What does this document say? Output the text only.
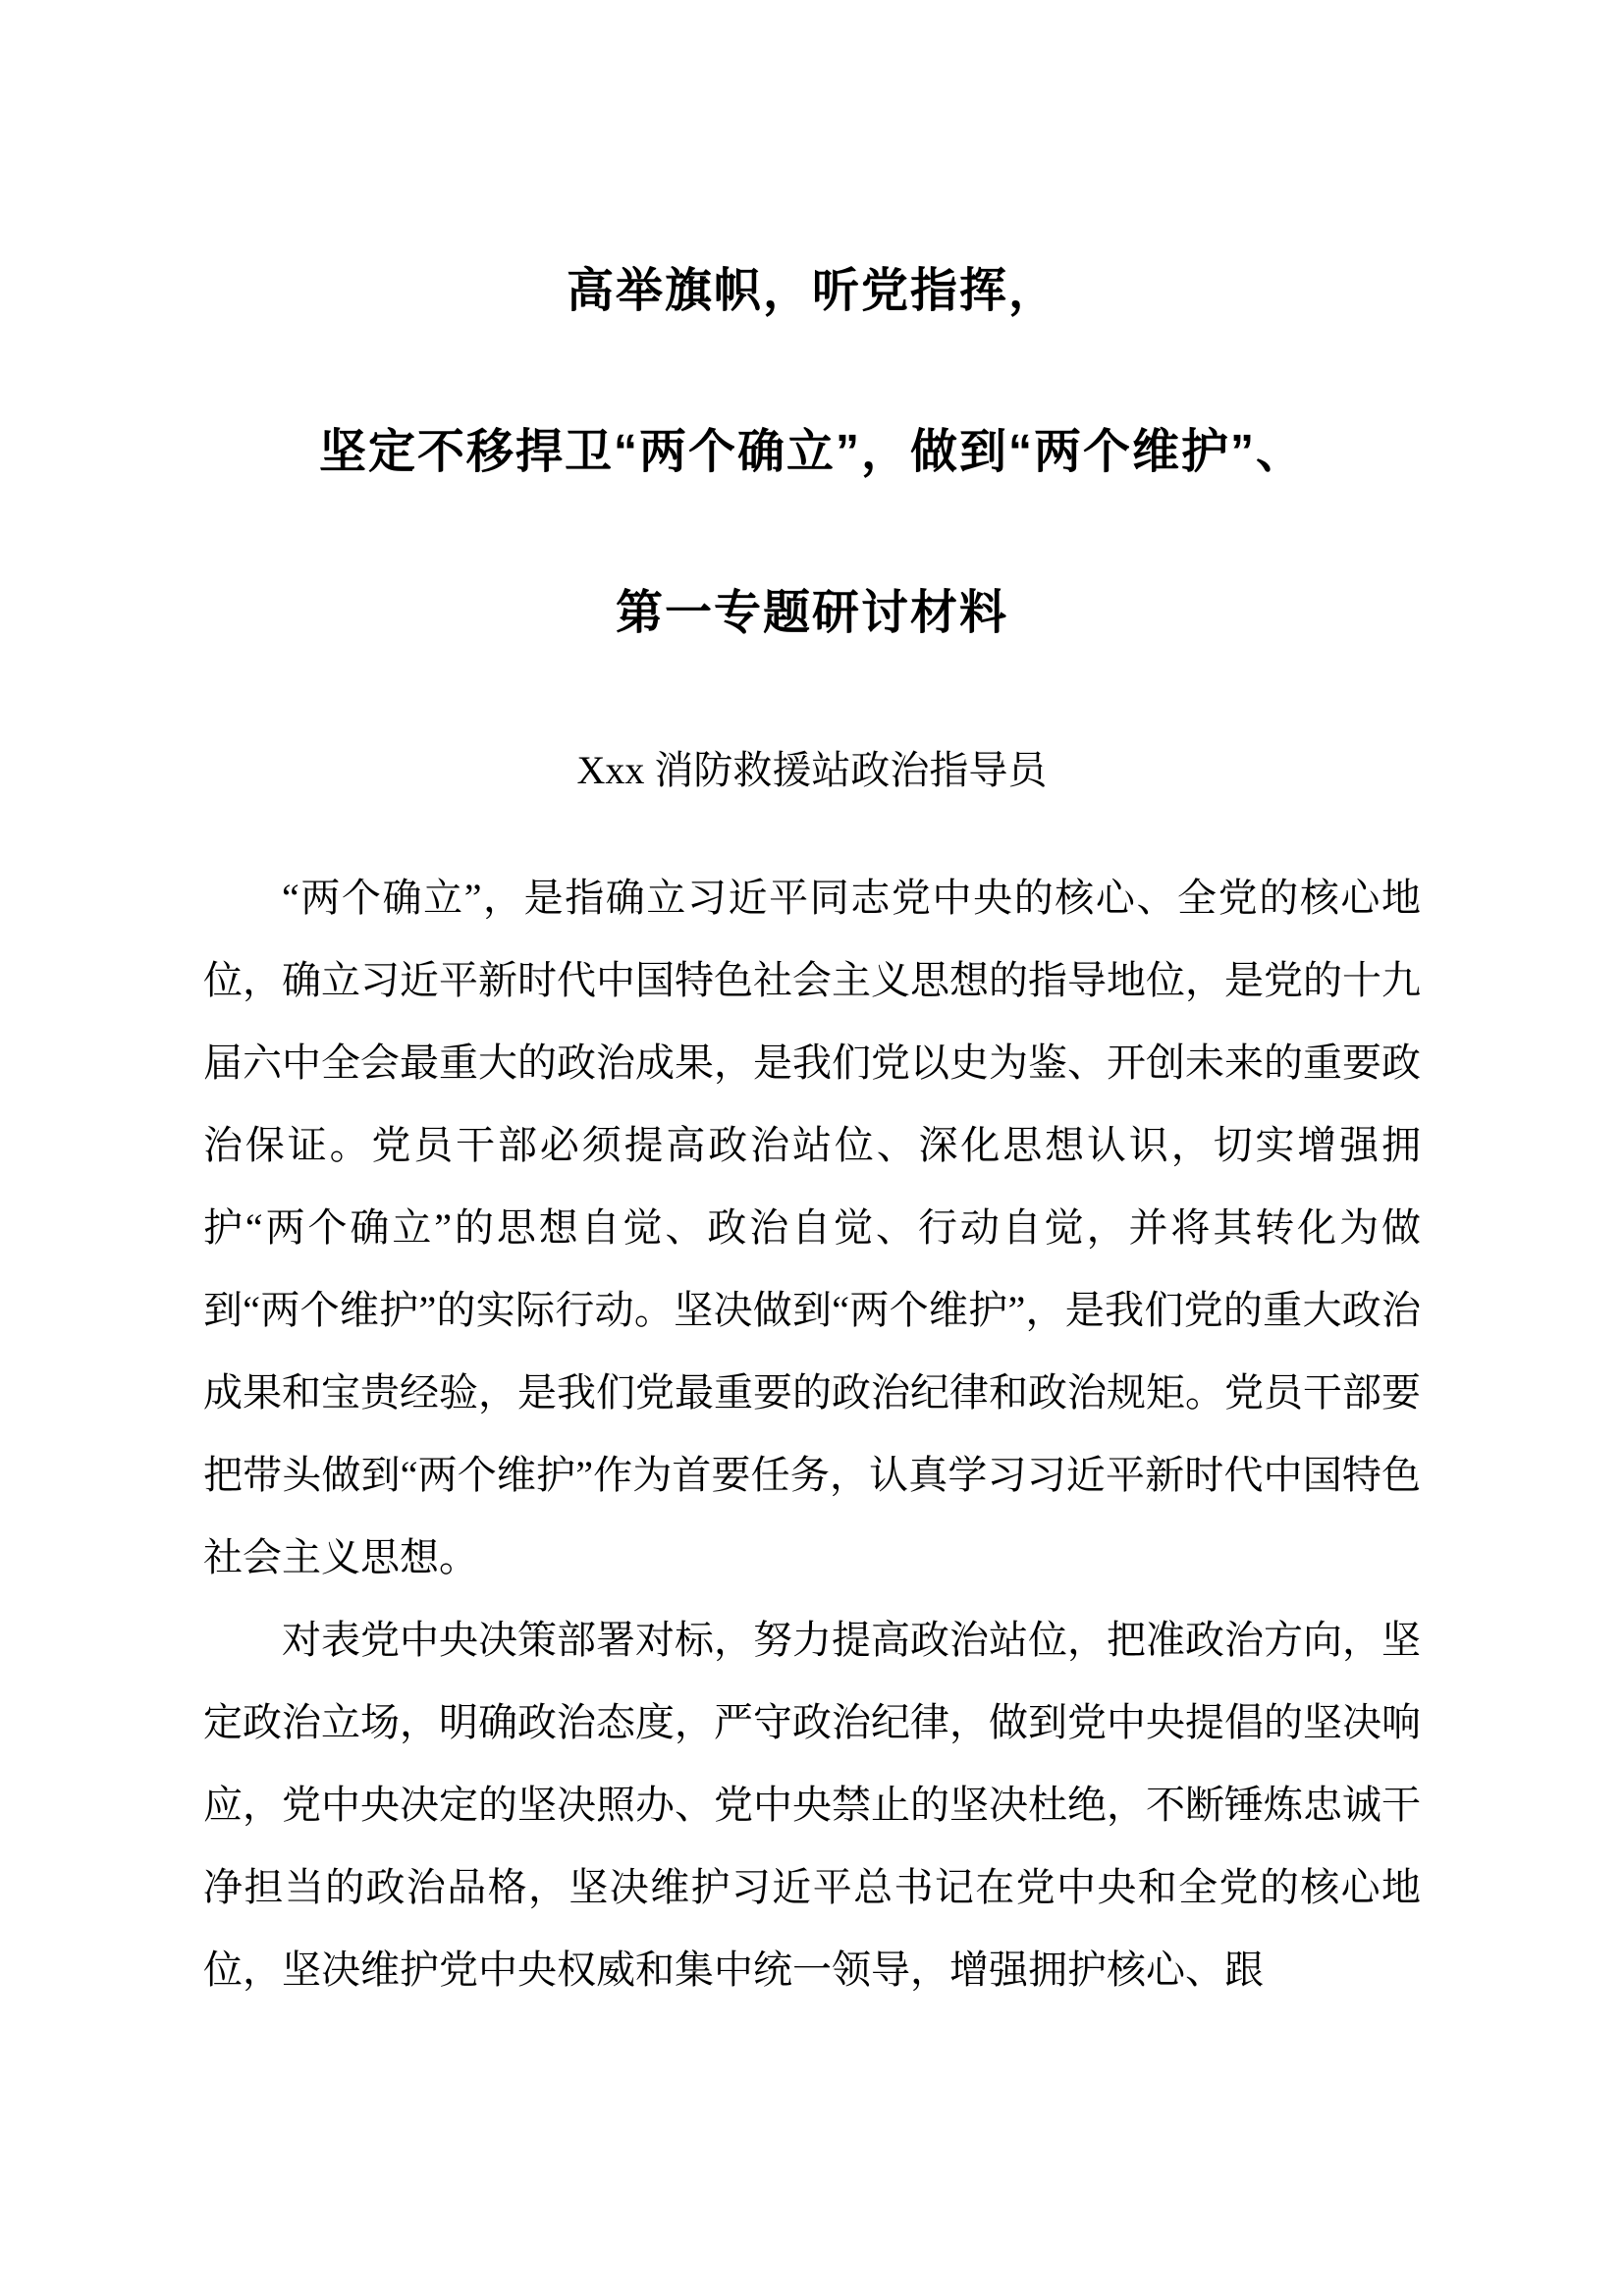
高举旗帜，听党指挥，
坚定不移捍卫“两个确立”，做到“两个维护”、
第一专题研讨材料

Xxx 消防救援站政治指导员

“两个确立”，是指确立习近平同志党中央的核心、全党的核心地位，确立习近平新时代中国特色社会主义思想的指导地位，是党的十九届六中全会最重大的政治成果，是我们党以史为鉴、开创未来的重要政治保证。党员干部必须提高政治站位、深化思想认识，切实增强拥护“两个确立”的思想自觉、政治自觉、行动自觉，并将其转化为做到“两个维护”的实际行动。坚决做到“两个维护”，是我们党的重大政治成果和宝贵经验，是我们党最重要的政治纪律和政治规矩。党员干部要把带头做到“两个维护”作为首要任务，认真学习习近平新时代中国特色社会主义思想。

对表党中央决策部署对标，努力提高政治站位，把准政治方向，坚定政治立场，明确政治态度，严守政治纪律，做到党中央提倡的坚决响应，党中央决定的坚决照办、党中央禁止的坚决杜绝，不断锤炼忠诚干净担当的政治品格，坚决维护习近平总书记在党中央和全党的核心地位，坚决维护党中央权威和集中统一领导，增强拥护核心、跟
